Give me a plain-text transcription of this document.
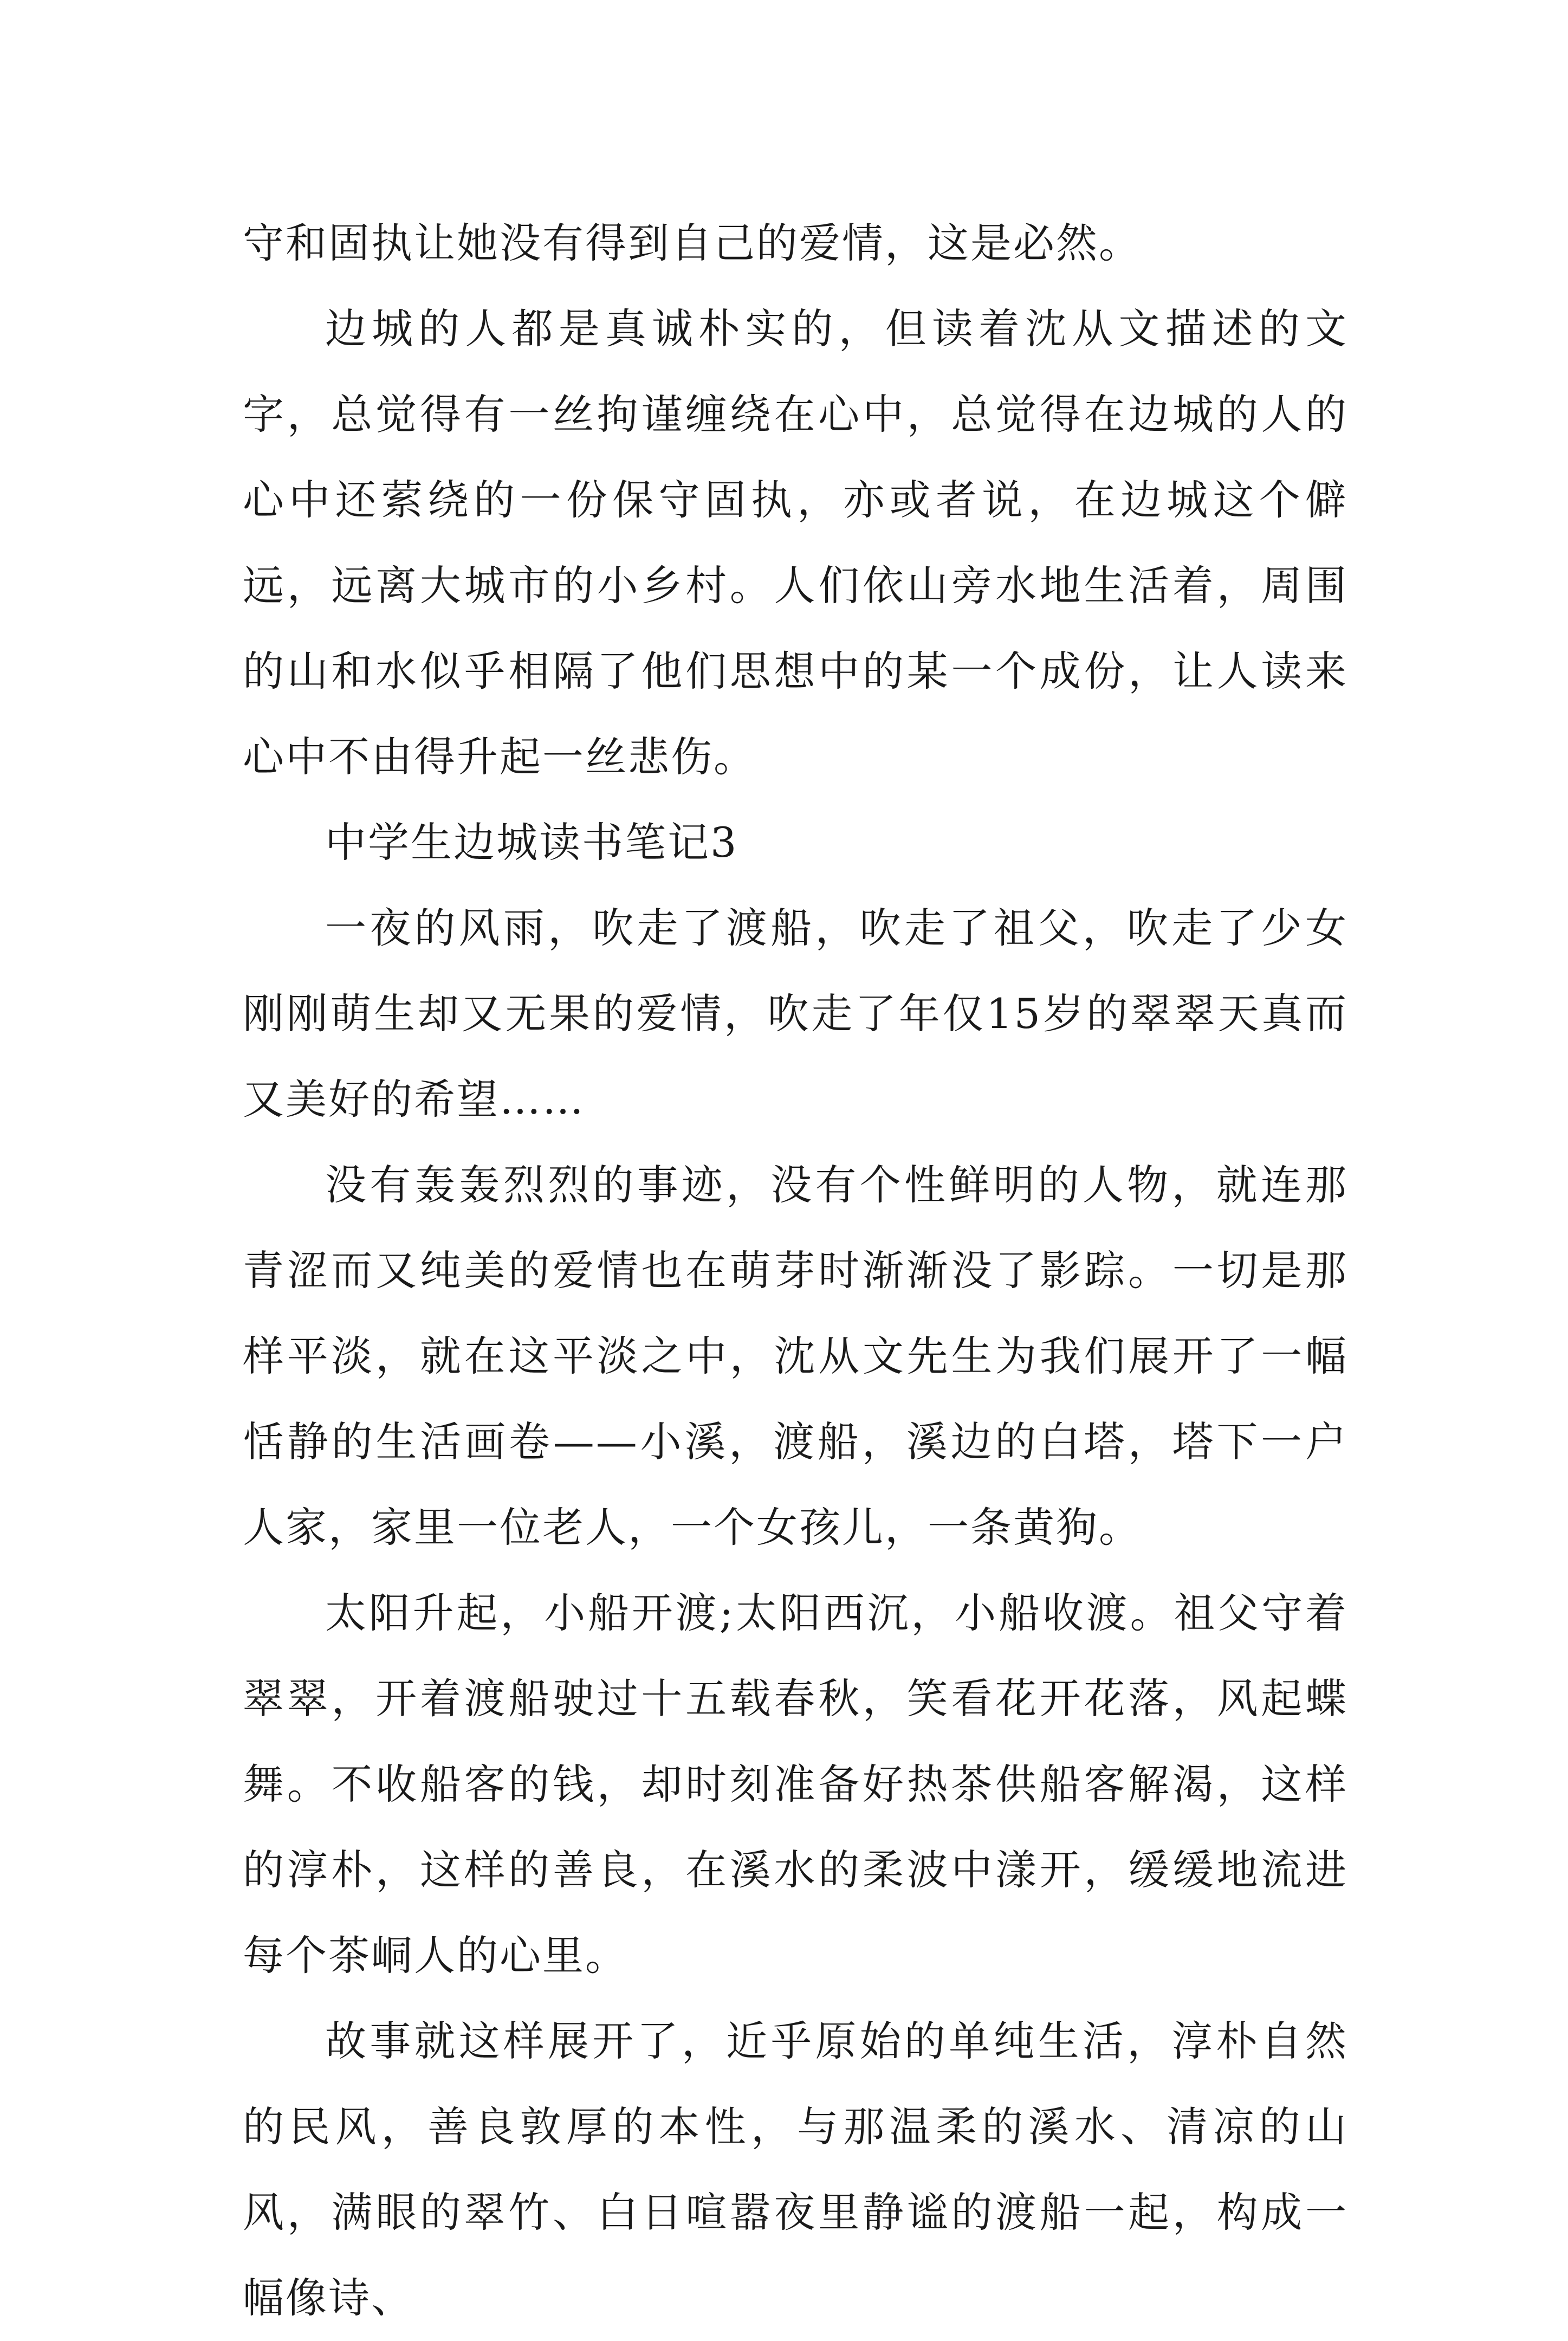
守和固执让她没有得到自己的爱情，这是必然。

边城的人都是真诚朴实的，但读着沈从文描述的文字，总觉得有一丝拘谨缠绕在心中，总觉得在边城的人的心中还萦绕的一份保守固执，亦或者说，在边城这个僻远，远离大城市的小乡村。人们依山旁水地生活着，周围的山和水似乎相隔了他们思想中的某一个成份，让人读来心中不由得升起一丝悲伤。

中学生边城读书笔记3

一夜的风雨，吹走了渡船，吹走了祖父，吹走了少女刚刚萌生却又无果的爱情，吹走了年仅15岁的翠翠天真而又美好的希望……

没有轰轰烈烈的事迹，没有个性鲜明的人物，就连那青涩而又纯美的爱情也在萌芽时渐渐没了影踪。一切是那样平淡，就在这平淡之中，沈从文先生为我们展开了一幅恬静的生活画卷——小溪，渡船，溪边的白塔，塔下一户人家，家里一位老人，一个女孩儿，一条黄狗。

太阳升起，小船开渡;太阳西沉，小船收渡。祖父守着翠翠，开着渡船驶过十五载春秋，笑看花开花落，风起蝶舞。不收船客的钱，却时刻准备好热茶供船客解渴，这样的淳朴，这样的善良，在溪水的柔波中漾开，缓缓地流进每个茶峒人的心里。

故事就这样展开了，近乎原始的单纯生活，淳朴自然的民风，善良敦厚的本性，与那温柔的溪水、清凉的山风，满眼的翠竹、白日喧嚣夜里静谧的渡船一起，构成一幅像诗、
